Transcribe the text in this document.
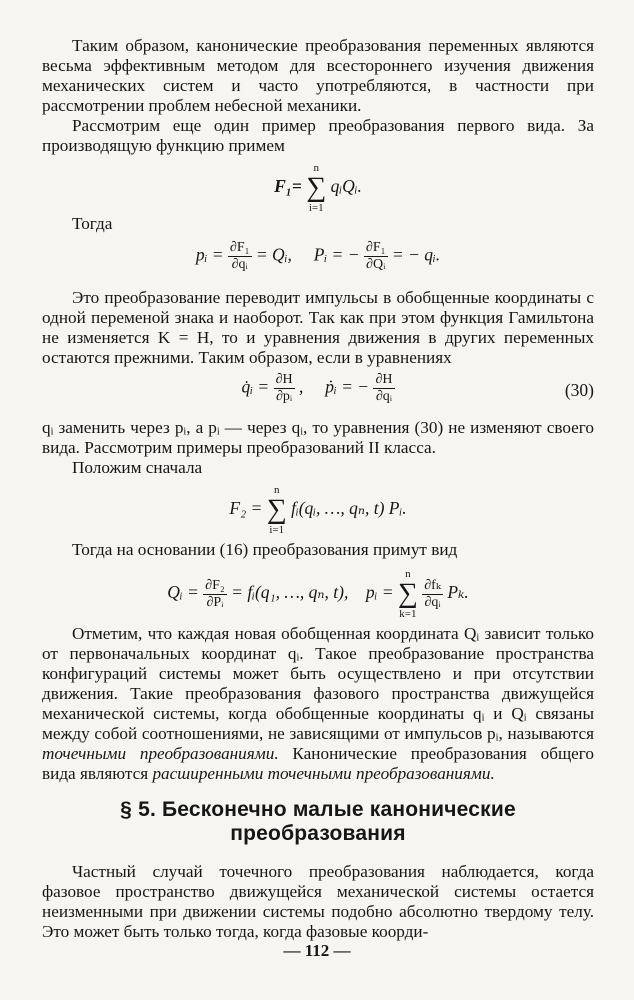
Таким образом, канонические преобразования переменных являются весьма эффективным методом для всестороннего изучения движения механических систем и часто употребляются, в частности при рассмотрении проблем небесной механики.

Рассмотрим еще один пример преобразования первого вида. За производящую функцию примем

F₁=
n
∑
i=1
qᵢQᵢ.

Тогда

pᵢ = $\frac{\text{∂F₁}}{\text{∂qᵢ}}$ = Qᵢ, Pᵢ = − $\frac{\text{∂F₁}}{\text{∂Qᵢ}}$ = − qᵢ.

Это преобразование переводит импульсы в обобщенные координаты с одной переменой знака и наоборот. Так как при этом функция Гамильтона не изменяется K = H, то и уравнения движения в других переменных остаются прежними. Таким образом, если в уравнениях

q̇ᵢ = $\frac{\partial H}{\text{∂pᵢ}}$ , ṗᵢ = − $\frac{\partial H}{\text{∂qᵢ}}$	(30)

qᵢ заменить через pᵢ, а pᵢ — через qᵢ, то уравнения (30) не изменяют своего вида. Рассмотрим примеры преобразований II класса.

Положим сначала

F₂ =
n
∑
i=1
fᵢ(qᵢ, …, qₙ, t) Pᵢ.

Тогда на основании (16) преобразования примут вид

Qᵢ = $\frac{\text{∂F₂}}{\text{∂Pᵢ}}$ = fᵢ(q₁, …, qₙ, t), pᵢ =
n
∑
k=1

$\frac{\text{∂fₖ}}{\text{∂qᵢ}} P_k$.

Отметим, что каждая новая обобщенная координата Qᵢ зависит только от первоначальных координат qᵢ. Такое преобразование пространства конфигураций системы может быть осуществлено и при отсутствии движения. Такие преобразования фазового пространства движущейся механической системы, когда обобщенные координаты qᵢ и Qᵢ связаны между собой соотношениями, не зависящими от импульсов pᵢ, называются точечными преобразованиями. Канонические преобразования общего вида являются расширенными точечными преобразованиями.

§ 5. Бесконечно малые канонические преобразования

Частный случай точечного преобразования наблюдается, когда фазовое пространство движущейся механической системы остается неизменными при движении системы подобно абсолютно твердому телу. Это может быть только тогда, когда фазовые коорди-

— 112 —
